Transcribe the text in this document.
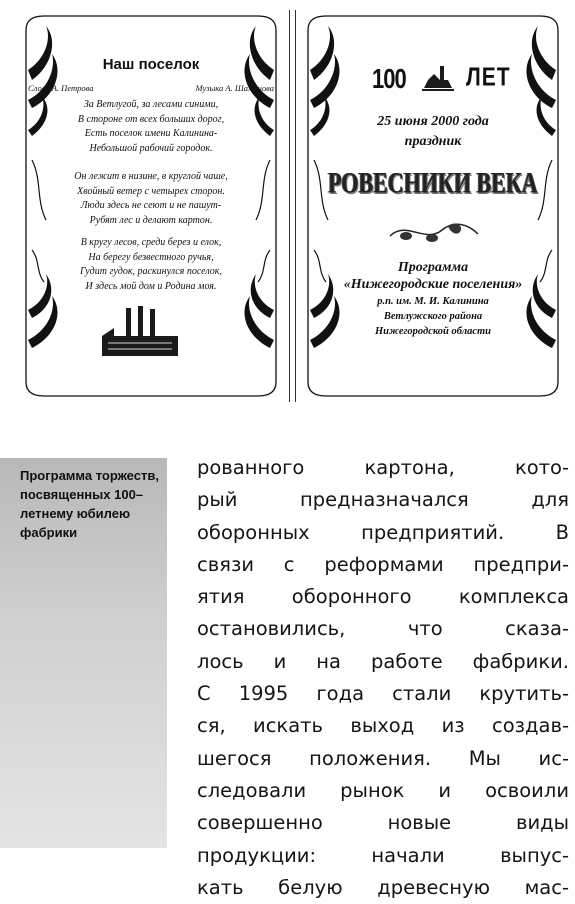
Наш поселок
Слова А. Петрова	Музыка А. Шаманова

За Ветлугой, за лесами синими,

В стороне от всех больших дорог,

Есть поселок имени Калинина-

Небольшой рабочий городок.

Он лежит в низине, в круглой чаше,

Хвойный ветер с четырех сторон.

Люди здесь не сеют и не пашут-

Рубят лес и делают картон.

В кругу лесов, среди берез и елок,

На берегу безвестного ручья,

Гудит гудок, раскинулся поселок,

И здесь мой дом и Родина моя.

100	ЛЕТ
25 июня 2000 года
праздник
РОВЕСНИКИ ВЕКА
Программа
«Нижегородские поселения»
р.п. им. М. И. Калинина
Ветлужского района
Нижегородской области
Программа торжеств, посвященных 100–летнему юбилею фабрики
рованного картона, кото-
рый предназначался для
оборонных предприятий. В
связи с реформами предпри-
ятия оборонного комплекса
остановились, что сказа-
лось и на работе фабрики.
С 1995 года стали крутить-
ся, искать выход из создав-
шегося положения. Мы ис-
следовали рынок и освоили
совершенно новые виды
продукции: начали выпус-
кать белую древесную мас-
